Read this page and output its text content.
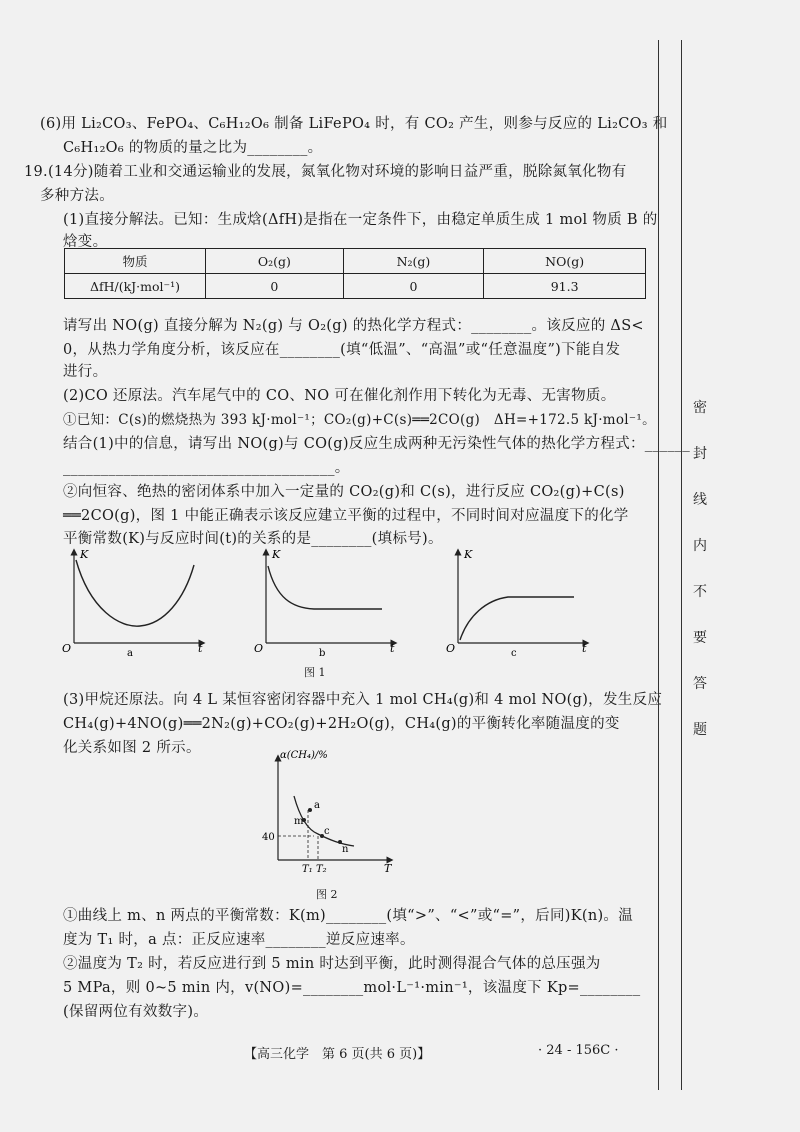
(6)用 Li₂CO₃、FePO₄、C₆H₁₂O₆ 制备 LiFePO₄ 时，有 CO₂ 产生，则参与反应的 Li₂CO₃ 和
C₆H₁₂O₆ 的物质的量之比为________。
19.(14分)随着工业和交通运输业的发展，氮氧化物对环境的影响日益严重，脱除氮氧化物有
多种方法。
(1)直接分解法。已知：生成焓(ΔfH)是指在一定条件下，由稳定单质生成 1 mol 物质 B 的
焓变。
物质	O₂(g)	N₂(g)	NO(g)
ΔfH/(kJ·mol⁻¹)	0	0	91.3
请写出 NO(g) 直接分解为 N₂(g) 与 O₂(g) 的热化学方程式：________。该反应的 ΔS<
0，从热力学角度分析，该反应在________(填“低温”、“高温”或“任意温度”)下能自发
进行。
(2)CO 还原法。汽车尾气中的 CO、NO 可在催化剂作用下转化为无毒、无害物质。
①已知：C(s)的燃烧热为 393 kJ·mol⁻¹；CO₂(g)+C(s)══2CO(g)　ΔH=+172.5 kJ·mol⁻¹。
结合(1)中的信息，请写出 NO(g)与 CO(g)反应生成两种无污染性气体的热化学方程式：______
____________________________________。
②向恒容、绝热的密闭体系中加入一定量的 CO₂(g)和 C(s)，进行反应 CO₂(g)+C(s)
══2CO(g)，图 1 中能正确表示该反应建立平衡的过程中，不同时间对应温度下的化学
平衡常数(K)与反应时间(t)的关系的是________(填标号)。
K
O	t
a
K
O	t
b
K
O	t
c
图 1
(3)甲烷还原法。向 4 L 某恒容密闭容器中充入 1 mol CH₄(g)和 4 mol NO(g)，发生反应
CH₄(g)+4NO(g)══2N₂(g)+CO₂(g)+2H₂O(g)，CH₄(g)的平衡转化率随温度的变
化关系如图 2 所示。	α(CH₄)/%
a
m
c
n
40
T₁ T₂	T
图 2
①曲线上 m、n 两点的平衡常数：K(m)________(填“>”、“<”或“=”，后同)K(n)。温
度为 T₁ 时，a 点：正反应速率________逆反应速率。
②温度为 T₂ 时，若反应进行到 5 min 时达到平衡，此时测得混合气体的总压强为
5 MPa，则 0~5 min 内，v(NO)=________mol·L⁻¹·min⁻¹，该温度下 Kp=________
(保留两位有效数字)。
【高三化学　第 6 页(共 6 页)】	· 24 - 156C ·
密
封
线
内
不
要
答
题
